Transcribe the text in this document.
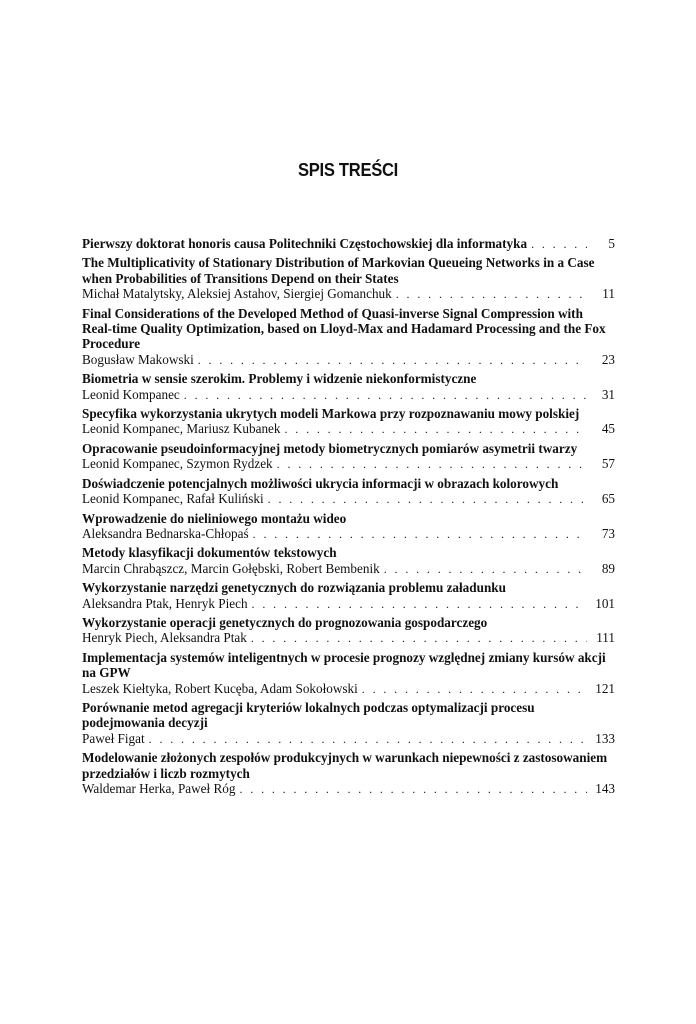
SPIS TREŚCI
Pierwszy doktorat honoris causa Politechniki Częstochowskiej dla informatyka . . .	5
The Multiplicativity of Stationary Distribution of Markovian Queueing Networks in a Case when Probabilities of Transitions Depend on their States
Michał Matalytsky, Aleksiej Astahov, Siergiej Gomanchuk . . .	11
Final Considerations of the Developed Method of Quasi-inverse Signal Compression with Real-time Quality Optimization, based on Lloyd-Max and Hadamard Processing and the Fox Procedure
Bogusław Makowski . . .	23
Biometria w sensie szerokim. Problemy i widzenie niekonformistyczne
Leonid Kompanec . . .	31
Specyfika wykorzystania ukrytych modeli Markowa przy rozpoznawaniu mowy polskiej
Leonid Kompanec, Mariusz Kubanek . . .	45
Opracowanie pseudoinformacyjnej metody biometrycznych pomiarów asymetrii twarzy
Leonid Kompanec, Szymon Rydzek . . .	57
Doświadczenie potencjalnych możliwości ukrycia informacji w obrazach kolorowych
Leonid Kompanec, Rafał Kuliński . . .	65
Wprowadzenie do nieliniowego montażu wideo
Aleksandra Bednarska-Chłopaś . . .	73
Metody klasyfikacji dokumentów tekstowych
Marcin Chrabąszcz, Marcin Gołębski, Robert Bembenik . . .	89
Wykorzystanie narzędzi genetycznych do rozwiązania problemu załadunku
Aleksandra Ptak, Henryk Piech . . .	101
Wykorzystanie operacji genetycznych do prognozowania gospodarczego
Henryk Piech, Aleksandra Ptak . . .	111
Implementacja systemów inteligentnych w procesie prognozy względnej zmiany kursów akcji na GPW
Leszek Kiełtyka, Robert Kucęba, Adam Sokołowski . . .	121
Porównanie metod agregacji kryteriów lokalnych podczas optymalizacji procesu podejmowania decyzji
Paweł Figat . . .	133
Modelowanie złożonych zespołów produkcyjnych w warunkach niepewności z zastosowaniem przedziałów i liczb rozmytych
Waldemar Herka, Paweł Róg . . .	143
